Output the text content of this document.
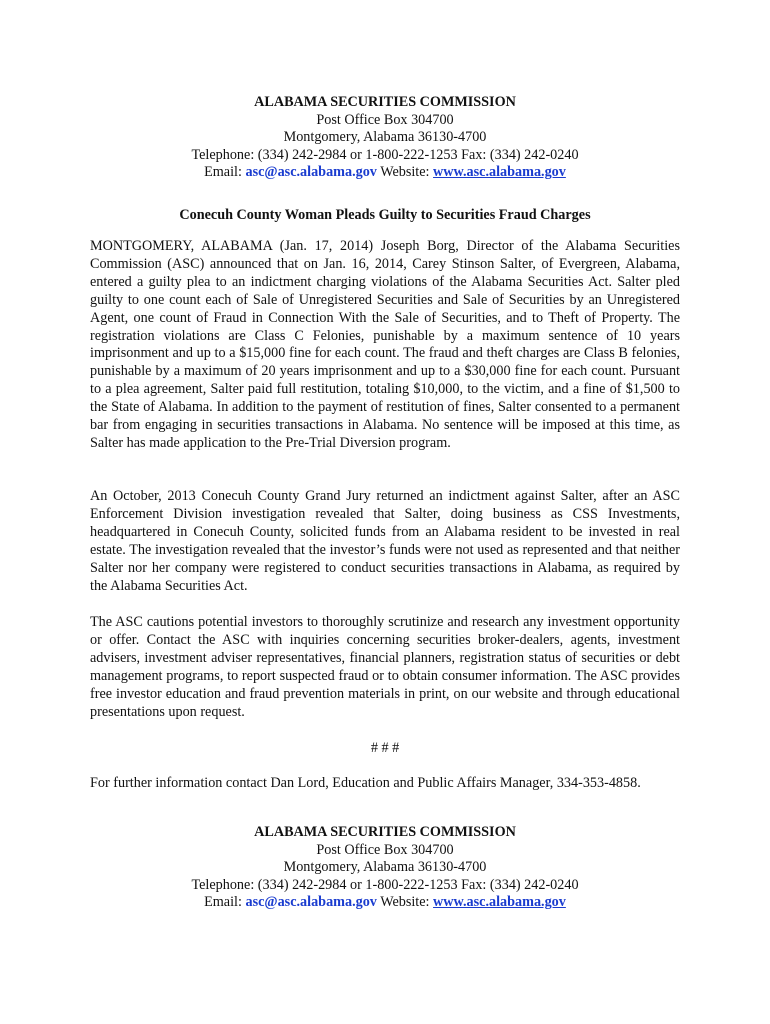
ALABAMA SECURITIES COMMISSION
Post Office Box 304700
Montgomery, Alabama 36130-4700
Telephone: (334) 242-2984 or 1-800-222-1253 Fax: (334) 242-0240
Email: asc@asc.alabama.gov Website: www.asc.alabama.gov
Conecuh County Woman Pleads Guilty to Securities Fraud Charges

MONTGOMERY, ALABAMA (Jan. 17, 2014) Joseph Borg, Director of the Alabama Securities Commission (ASC) announced that on Jan. 16, 2014, Carey Stinson Salter, of Evergreen, Alabama, entered a guilty plea to an indictment charging violations of the Alabama Securities Act. Salter pled guilty to one count each of Sale of Unregistered Securities and Sale of Securities by an Unregistered Agent, one count of Fraud in Connection With the Sale of Securities, and to Theft of Property. The registration violations are Class C Felonies, punishable by a maximum sentence of 10 years imprisonment and up to a $15,000 fine for each count. The fraud and theft charges are Class B felonies, punishable by a maximum of 20 years imprisonment and up to a $30,000 fine for each count. Pursuant to a plea agreement, Salter paid full restitution, totaling $10,000, to the victim, and a fine of $1,500 to the State of Alabama. In addition to the payment of restitution of fines, Salter consented to a permanent bar from engaging in securities transactions in Alabama. No sentence will be imposed at this time, as Salter has made application to the Pre-Trial Diversion program.

An October, 2013 Conecuh County Grand Jury returned an indictment against Salter, after an ASC Enforcement Division investigation revealed that Salter, doing business as CSS Investments, headquartered in Conecuh County, solicited funds from an Alabama resident to be invested in real estate. The investigation revealed that the investor’s funds were not used as represented and that neither Salter nor her company were registered to conduct securities transactions in Alabama, as required by the Alabama Securities Act.

The ASC cautions potential investors to thoroughly scrutinize and research any investment opportunity or offer. Contact the ASC with inquiries concerning securities broker-dealers, agents, investment advisers, investment adviser representatives, financial planners, registration status of securities or debt management programs, to report suspected fraud or to obtain consumer information. The ASC provides free investor education and fraud prevention materials in print, on our website and through educational presentations upon request.

# # #
For further information contact Dan Lord, Education and Public Affairs Manager, 334-353-4858.
ALABAMA SECURITIES COMMISSION
Post Office Box 304700
Montgomery, Alabama 36130-4700
Telephone: (334) 242-2984 or 1-800-222-1253 Fax: (334) 242-0240
Email: asc@asc.alabama.gov Website: www.asc.alabama.gov
